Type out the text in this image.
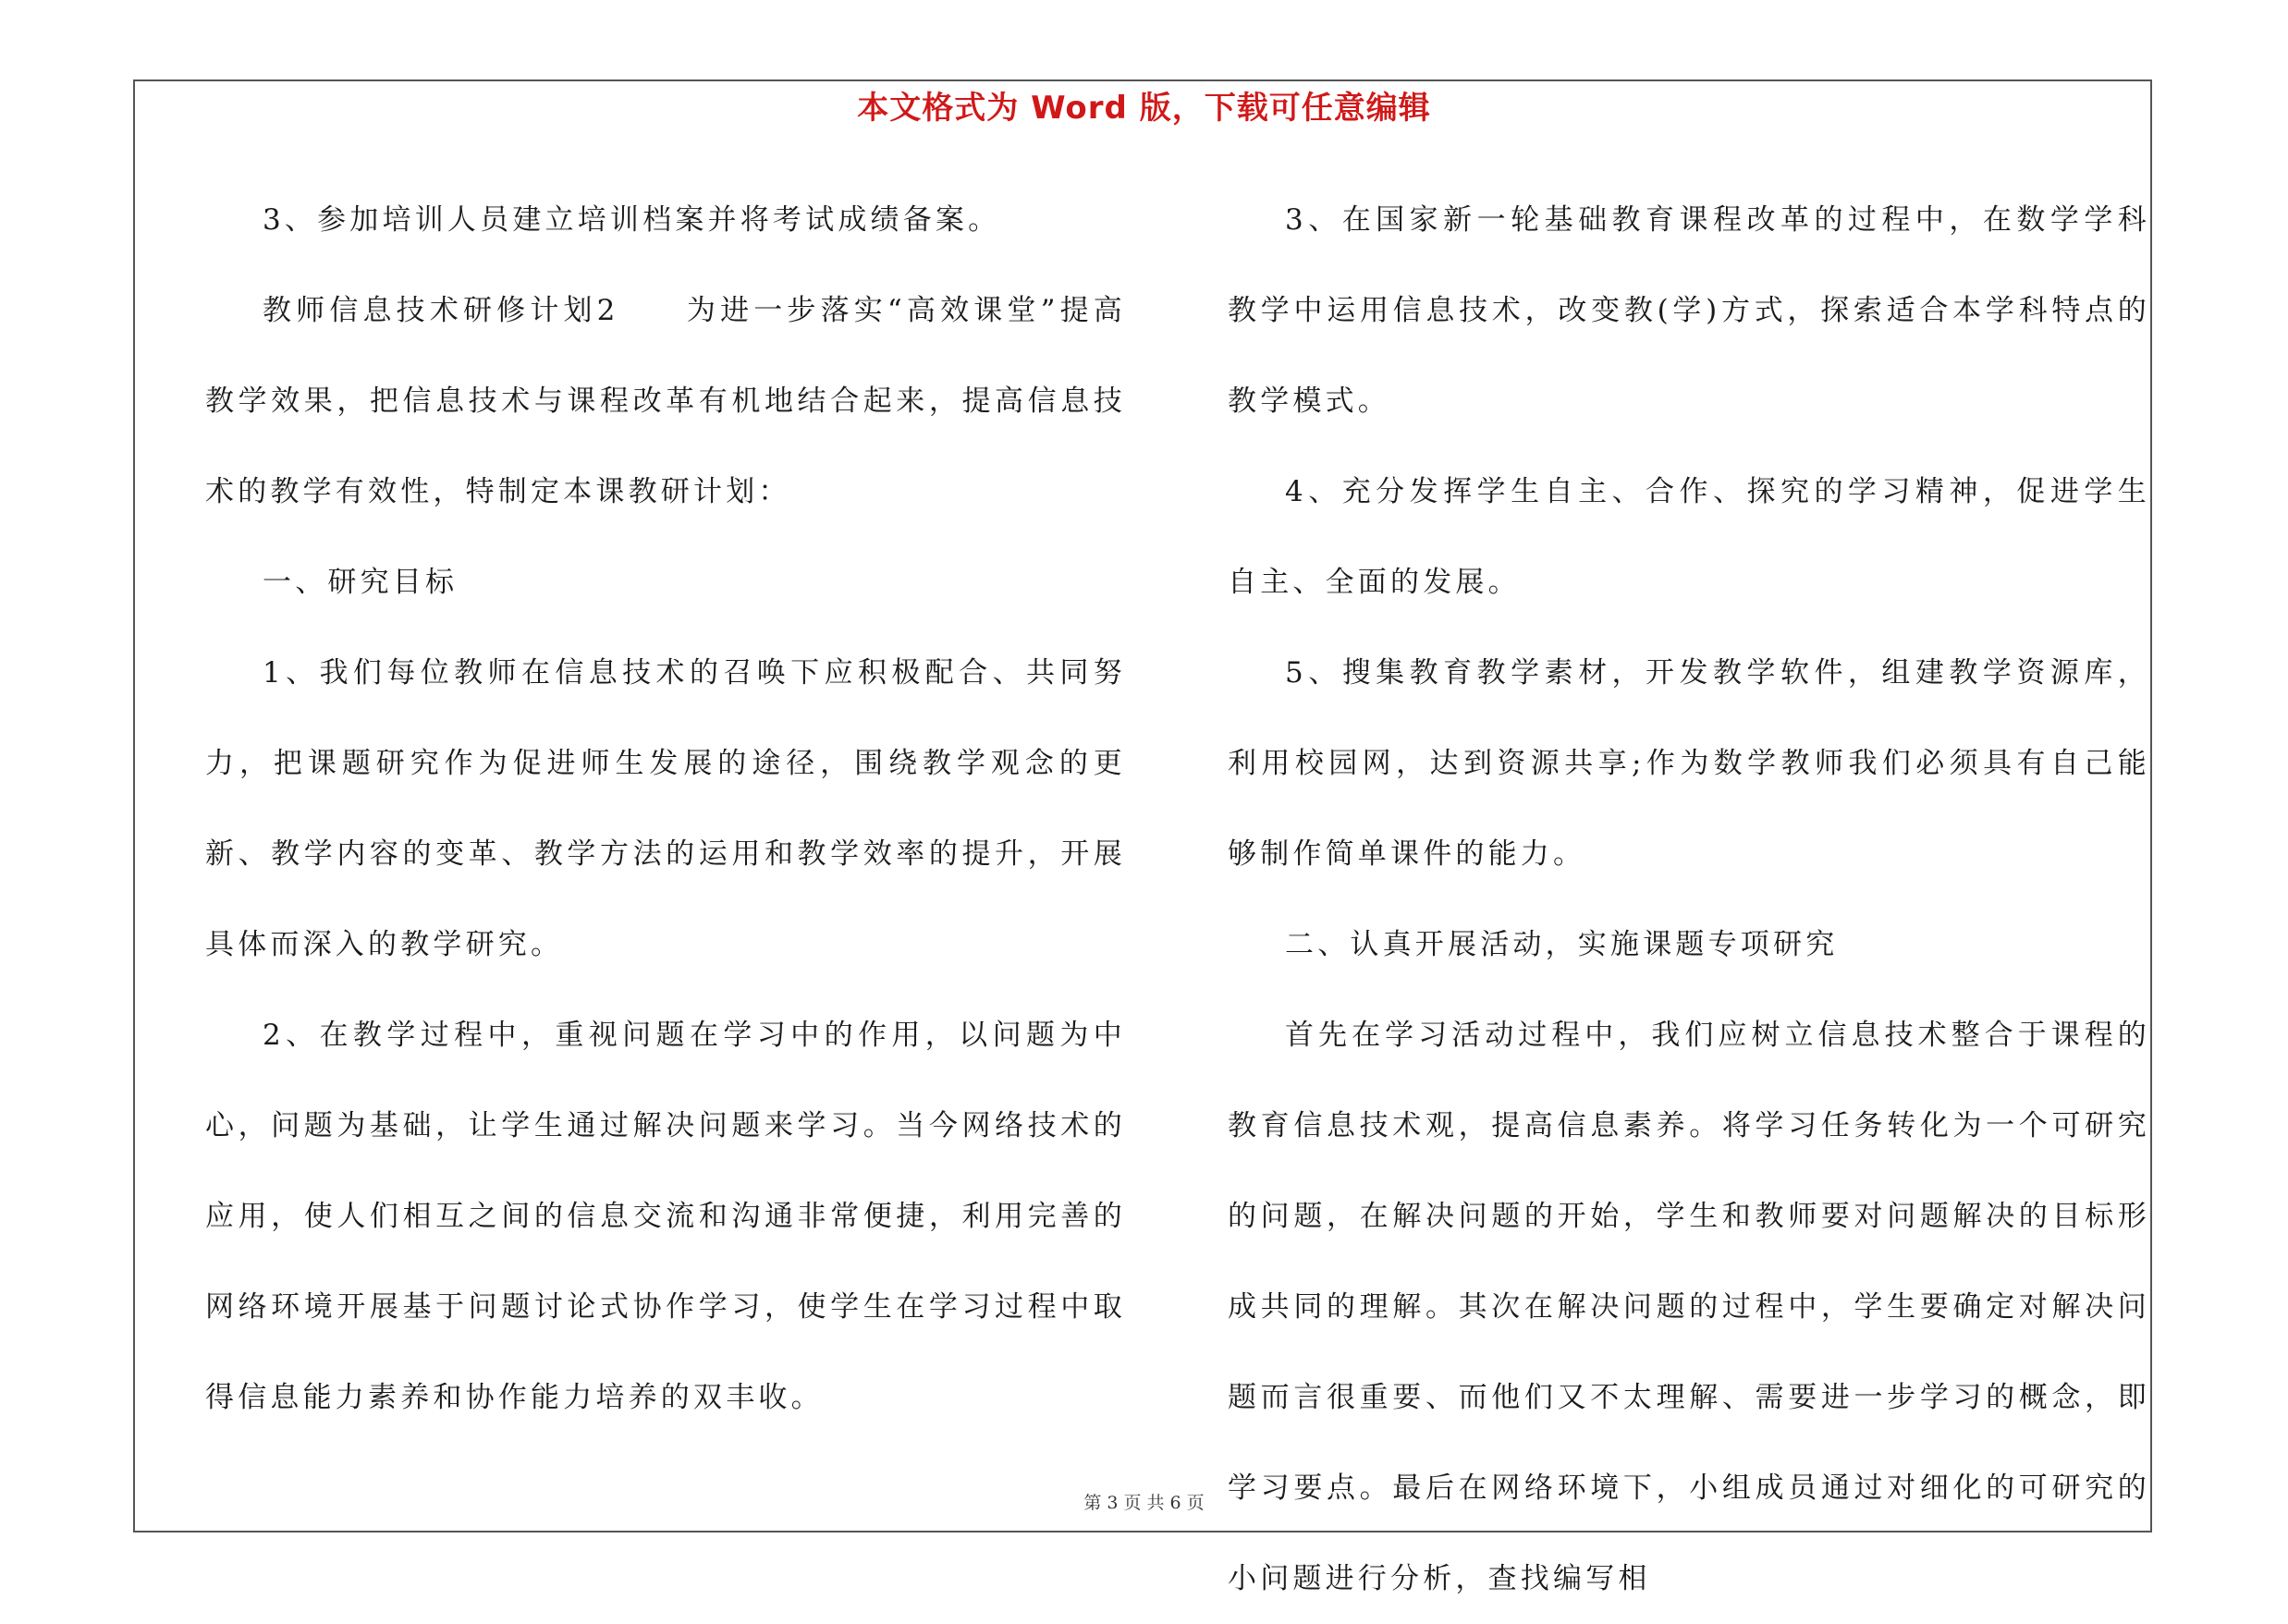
本文格式为 Word 版，下载可任意编辑

3、参加培训人员建立培训档案并将考试成绩备案。

教师信息技术研修计划2　　为进一步落实“高效课堂”提高教学效果，把信息技术与课程改革有机地结合起来，提高信息技术的教学有效性，特制定本课教研计划：

一、研究目标

1、我们每位教师在信息技术的召唤下应积极配合、共同努力，把课题研究作为促进师生发展的途径，围绕教学观念的更新、教学内容的变革、教学方法的运用和教学效率的提升，开展具体而深入的教学研究。

2、在教学过程中，重视问题在学习中的作用，以问题为中心，问题为基础，让学生通过解决问题来学习。当今网络技术的应用，使人们相互之间的信息交流和沟通非常便捷，利用完善的网络环境开展基于问题讨论式协作学习，使学生在学习过程中取得信息能力素养和协作能力培养的双丰收。

3、在国家新一轮基础教育课程改革的过程中，在数学学科教学中运用信息技术，改变教(学)方式，探索适合本学科特点的教学模式。

4、充分发挥学生自主、合作、探究的学习精神，促进学生自主、全面的发展。

5、搜集教育教学素材，开发教学软件，组建教学资源库，利用校园网，达到资源共享;作为数学教师我们必须具有自己能够制作简单课件的能力。

二、认真开展活动，实施课题专项研究

首先在学习活动过程中，我们应树立信息技术整合于课程的教育信息技术观，提高信息素养。将学习任务转化为一个可研究的问题，在解决问题的开始，学生和教师要对问题解决的目标形成共同的理解。其次在解决问题的过程中，学生要确定对解决问题而言很重要、而他们又不太理解、需要进一步学习的概念，即学习要点。最后在网络环境下，小组成员通过对细化的可研究的小问题进行分析，查找编写相

第 3 页 共 6 页
